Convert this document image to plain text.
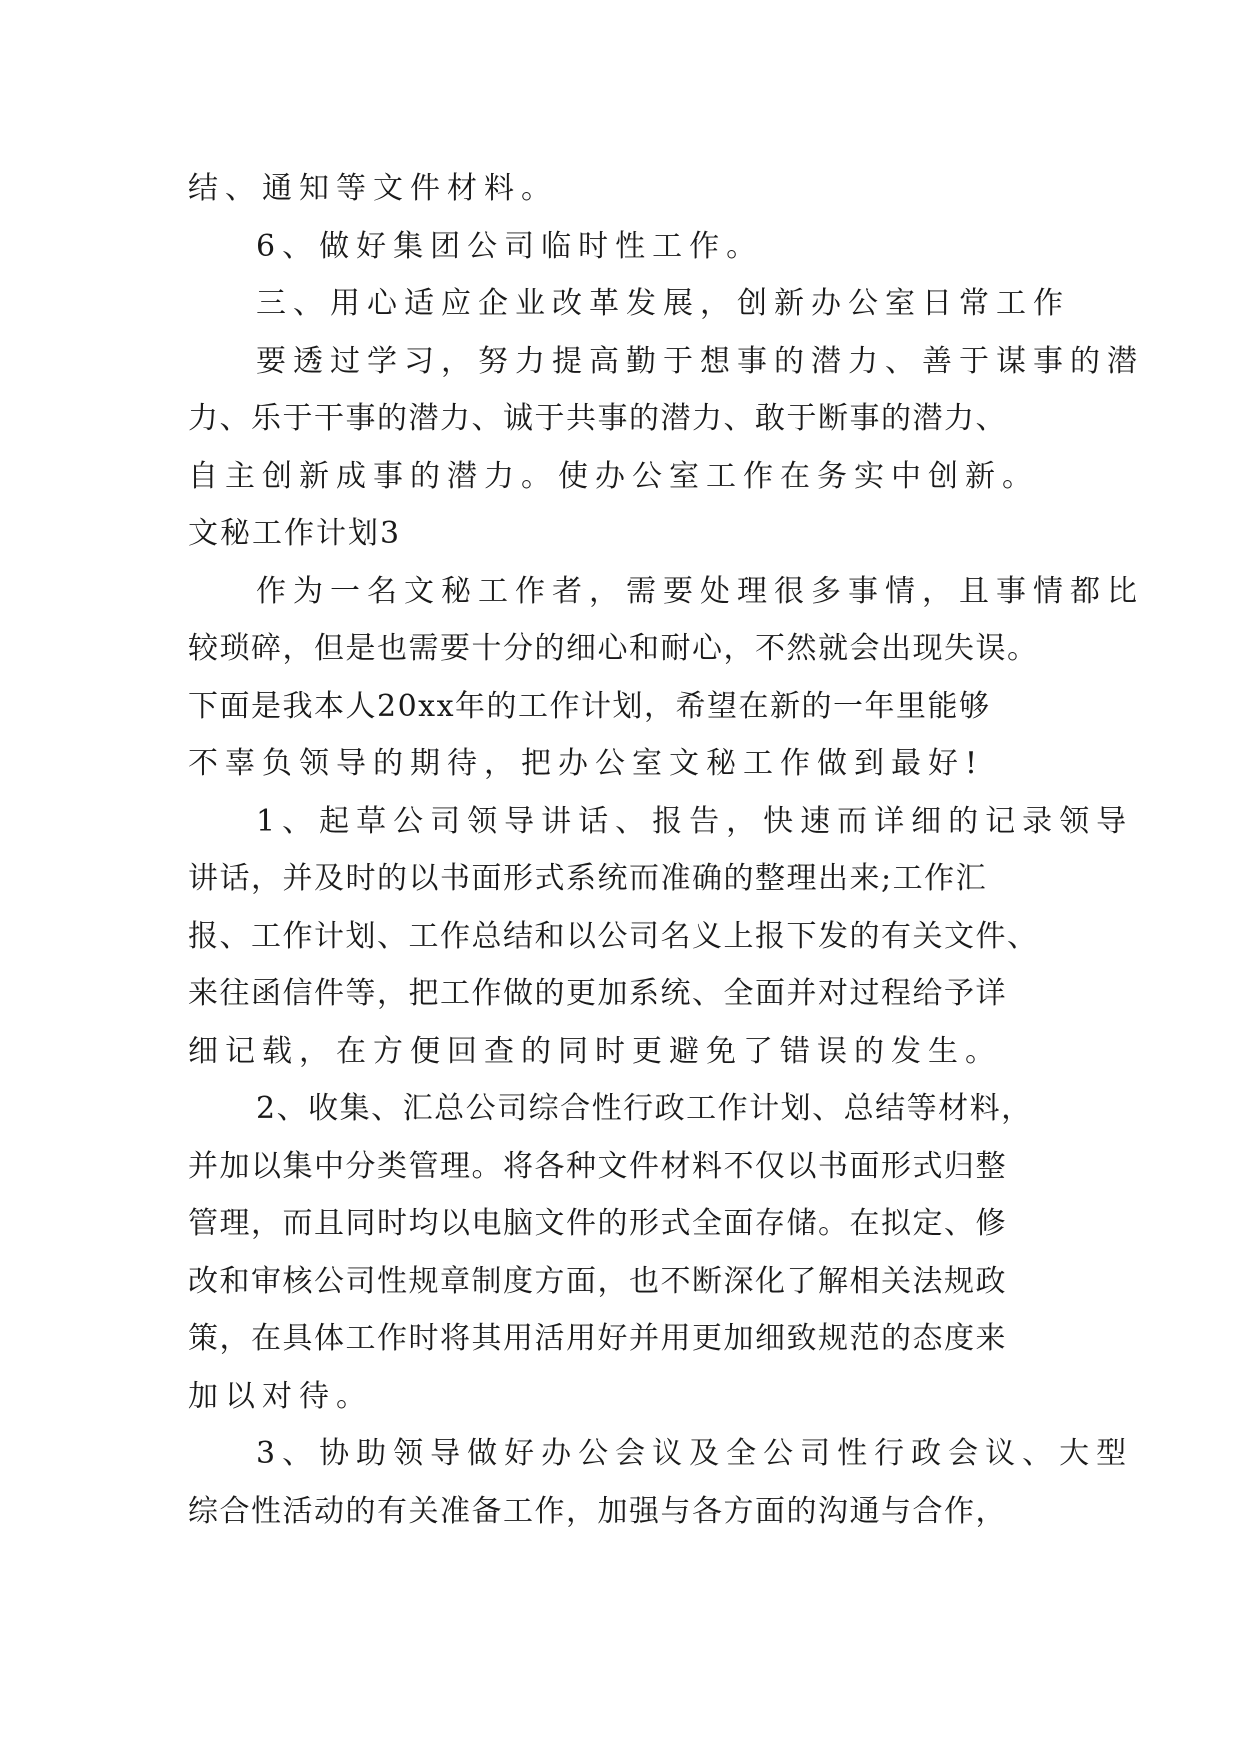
结、通知等文件材料。
6、做好集团公司临时性工作。
三、用心适应企业改革发展，创新办公室日常工作
要透过学习，努力提高勤于想事的潜力、善于谋事的潜
力、乐于干事的潜力、诚于共事的潜力、敢于断事的潜力、
自主创新成事的潜力。使办公室工作在务实中创新。
文秘工作计划3
作为一名文秘工作者，需要处理很多事情，且事情都比
较琐碎，但是也需要十分的细心和耐心，不然就会出现失误。
下面是我本人20xx年的工作计划，希望在新的一年里能够
不辜负领导的期待，把办公室文秘工作做到最好!
1、起草公司领导讲话、报告，快速而详细的记录领导
讲话，并及时的以书面形式系统而准确的整理出来;工作汇
报、工作计划、工作总结和以公司名义上报下发的有关文件、
来往函信件等，把工作做的更加系统、全面并对过程给予详
细记载，在方便回查的同时更避免了错误的发生。
2、收集、汇总公司综合性行政工作计划、总结等材料，
并加以集中分类管理。将各种文件材料不仅以书面形式归整
管理，而且同时均以电脑文件的形式全面存储。在拟定、修
改和审核公司性规章制度方面，也不断深化了解相关法规政
策，在具体工作时将其用活用好并用更加细致规范的态度来
加以对待。
3、协助领导做好办公会议及全公司性行政会议、大型
综合性活动的有关准备工作，加强与各方面的沟通与合作，
